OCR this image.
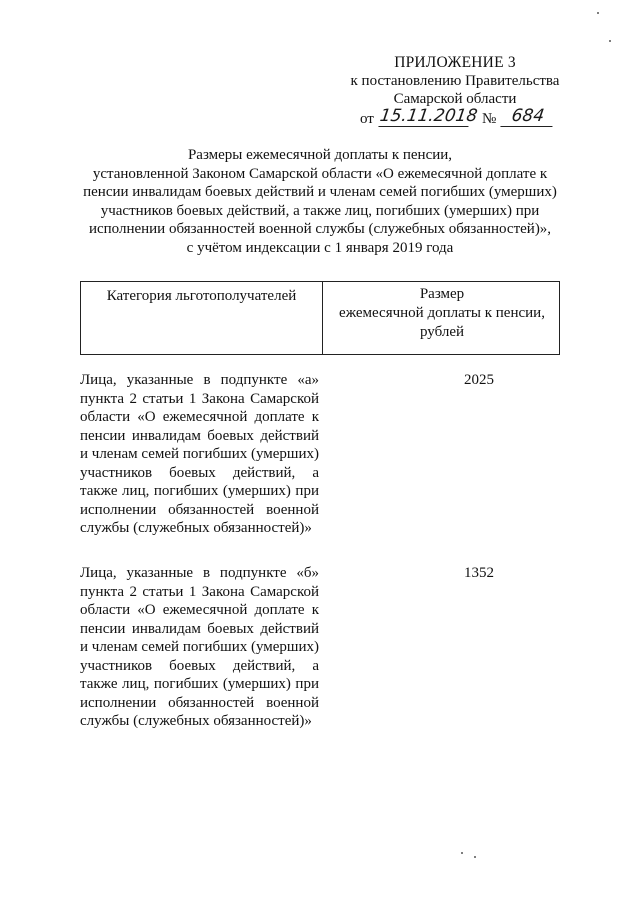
ПРИЛОЖЕНИЕ 3
к постановлению Правительства
Самарской области
от 15.11.2018 № 684
Размеры ежемесячной доплаты к пенсии,
установленной Законом Самарской области «О ежемесячной доплате к
пенсии инвалидам боевых действий и членам семей погибших (умерших)
участников боевых действий, а также лиц, погибших (умерших) при
исполнении обязанностей военной службы (служебных обязанностей)»,
с учётом индексации с 1 января 2019 года
Категория льготополучателей	Размер
ежемесячной доплаты к пенсии,
рублей
Лица, указанные в подпункте «а» пункта 2 статьи 1 Закона Самарской области «О ежемесячной доплате к пенсии инвалидам боевых действий и членам семей погибших (умерших) участников боевых действий, а также лиц, погибших (умерших) при исполнении обязанностей военной службы (служебных обязанностей)»
2025
Лица, указанные в подпункте «б» пункта 2 статьи 1 Закона Самарской области «О ежемесячной доплате к пенсии инвалидам боевых действий и членам семей погибших (умерших) участников боевых действий, а также лиц, погибших (умерших) при исполнении обязанностей военной службы (служебных обязанностей)»
1352
